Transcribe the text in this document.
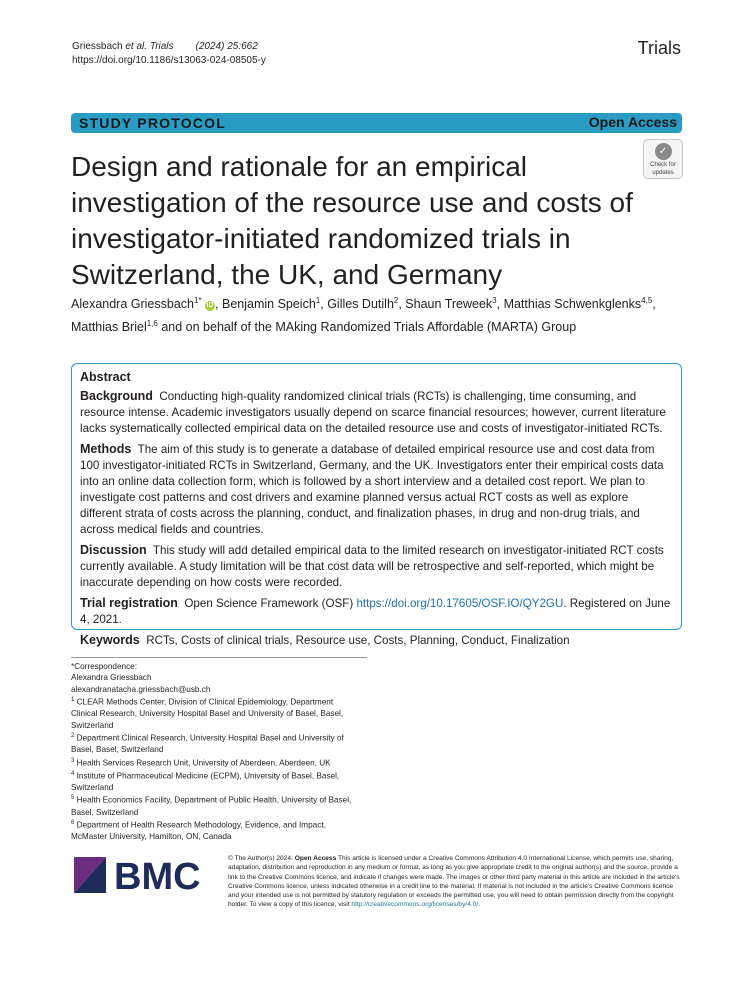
Griessbach et al. Trials (2024) 25:662
https://doi.org/10.1186/s13063-024-08505-y
Trials
STUDY PROTOCOL	Open Access
✓
Check for
updates
Design and rationale for an empirical investigation of the resource use and costs of investigator-initiated randomized trials in Switzerland, the UK, and Germany
Alexandra Griessbach$^{1*}$ iD , Benjamin Speich$^1$, Gilles Dutilh$^2$, Shaun Treweek$^3$, Matthias Schwenkglenks$^{4,5}$, Matthias Briel$^{1,6}$ and on behalf of the MAking Randomized Trials Affordable (MARTA) Group
Abstract

Background Conducting high-quality randomized clinical trials (RCTs) is challenging, time consuming, and resource intense. Academic investigators usually depend on scarce financial resources; however, current literature lacks systematically collected empirical data on the detailed resource use and costs of investigator-initiated RCTs.

Methods The aim of this study is to generate a database of detailed empirical resource use and cost data from 100 investigator-initiated RCTs in Switzerland, Germany, and the UK. Investigators enter their empirical costs data into an online data collection form, which is followed by a short interview and a detailed cost report. We plan to investigate cost patterns and cost drivers and examine planned versus actual RCT costs as well as explore different strata of costs across the planning, conduct, and finalization phases, in drug and non-drug trials, and across medical fields and countries.

Discussion This study will add detailed empirical data to the limited research on investigator-initiated RCT costs currently available. A study limitation will be that cost data will be retrospective and self-reported, which might be inaccurate depending on how costs were recorded.

Trial registration Open Science Framework (OSF) https://doi.org/10.17605/OSF.IO/QY2GU. Registered on June 4, 2021.

Keywords RCTs, Costs of clinical trials, Resource use, Costs, Planning, Conduct, Finalization

*Correspondence:

Alexandra Griessbach

alexandranatacha.griessbach@usb.ch

$^1$ CLEAR Methods Center, Division of Clinical Epidemiology, Department Clinical Research, University Hospital Basel and University of Basel, Basel, Switzerland

$^2$ Department Clinical Research, University Hospital Basel and University of Basel, Basel, Switzerland

$^3$ Health Services Research Unit, University of Aberdeen, Aberdeen, UK

$^4$ Institute of Pharmaceutical Medicine (ECPM), University of Basel, Basel, Switzerland

$^5$ Health Economics Facility, Department of Public Health, University of Basel, Basel, Switzerland

$^6$ Department of Health Research Methodology, Evidence, and Impact, McMaster University, Hamilton, ON, Canada

BMC	© The Author(s) 2024. Open Access This article is licensed under a Creative Commons Attribution 4.0 International License, which permits use, sharing, adaptation, distribution and reproduction in any medium or format, as long as you give appropriate credit to the original author(s) and the source, provide a link to the Creative Commons licence, and indicate if changes were made. The images or other third party material in this article are included in the article's Creative Commons licence, unless indicated otherwise in a credit line to the material. If material is not included in the article's Creative Commons licence and your intended use is not permitted by statutory regulation or exceeds the permitted use, you will need to obtain permission directly from the copyright holder. To view a copy of this licence, visit http://creativecommons.org/licenses/by/4.0/.
